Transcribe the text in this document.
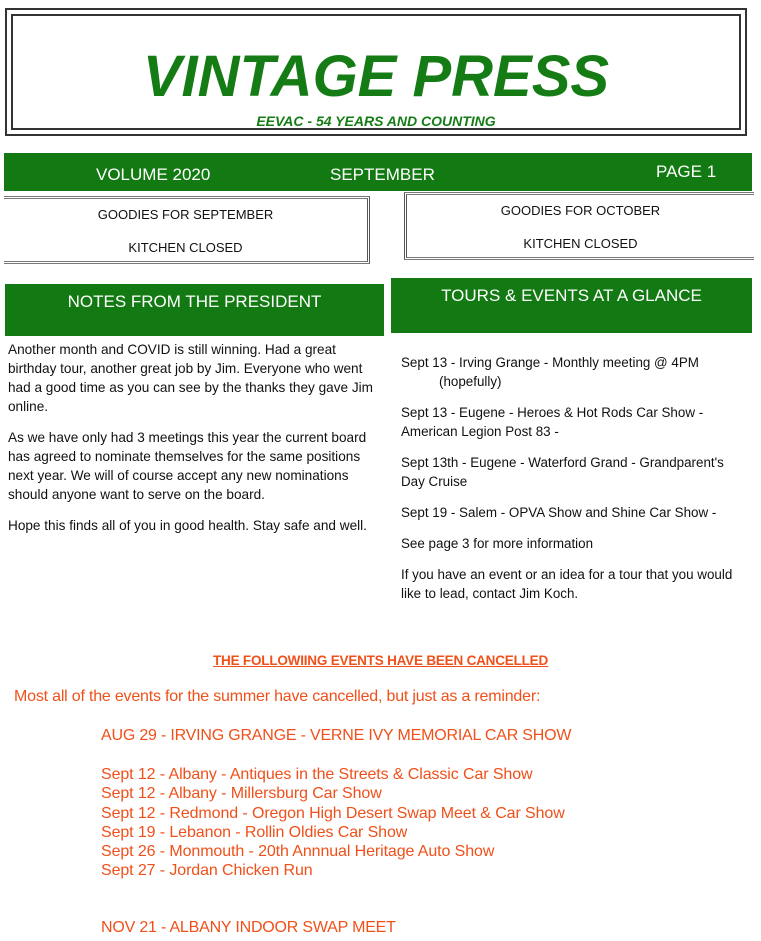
VINTAGE PRESS
EEVAC - 54 YEARS AND COUNTING
VOLUME 2020	SEPTEMBER	PAGE 1
GOODIES FOR SEPTEMBER
KITCHEN CLOSED
GOODIES FOR OCTOBER
KITCHEN CLOSED
NOTES FROM THE PRESIDENT	TOURS & EVENTS AT A GLANCE

Another month and COVID is still winning. Had a great birthday tour, another great job by Jim. Everyone who went had a good time as you can see by the thanks they gave Jim online.

As we have only had 3 meetings this year the current board has agreed to nominate themselves for the same positions next year. We will of course accept any new nominations should anyone want to serve on the board.

Hope this finds all of you in good health. Stay safe and well.

Sept 13 - Irving Grange - Monthly meeting @ 4PM
(hopefully)

Sept 13 - Eugene - Heroes & Hot Rods Car Show - American Legion Post 83 -

Sept 13th - Eugene - Waterford Grand - Grandparent's Day Cruise

Sept 19 - Salem - OPVA Show and Shine Car Show -

See page 3 for more information

If you have an event or an idea for a tour that you would like to lead, contact Jim Koch.

THE FOLLOWIING EVENTS HAVE BEEN CANCELLED
Most all of the events for the summer have cancelled, but just as a reminder:
AUG 29 - IRVING GRANGE - VERNE IVY MEMORIAL CAR SHOW
Sept 12 - Albany - Antiques in the Streets & Classic Car Show
Sept 12 - Albany - Millersburg Car Show
Sept 12 - Redmond - Oregon High Desert Swap Meet & Car Show
Sept 19 - Lebanon - Rollin Oldies Car Show
Sept 26 - Monmouth - 20th Annnual Heritage Auto Show
Sept 27 - Jordan Chicken Run
NOV 21 - ALBANY INDOOR SWAP MEET
